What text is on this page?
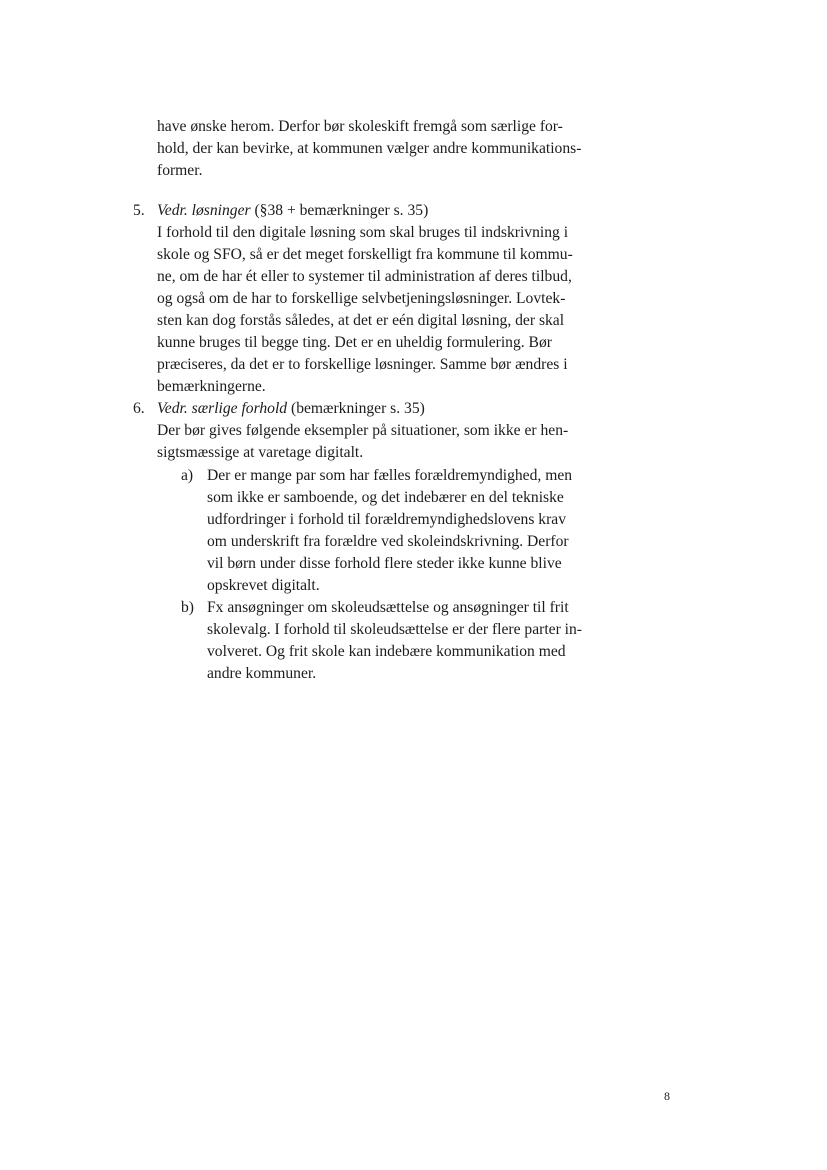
have ønske herom. Derfor bør skoleskift fremgå som særlige for-
hold, der kan bevirke, at kommunen vælger andre kommunikations-
former.
5. Vedr. løsninger (§38 + bemærkninger s. 35)
I forhold til den digitale løsning som skal bruges til indskrivning i
skole og SFO, så er det meget forskelligt fra kommune til kommu-
ne, om de har ét eller to systemer til administration af deres tilbud,
og også om de har to forskellige selvbetjeningsløsninger. Lovtek-
sten kan dog forstås således, at det er eén digital løsning, der skal
kunne bruges til begge ting. Det er en uheldig formulering. Bør
præciseres, da det er to forskellige løsninger. Samme bør ændres i
bemærkningerne.
6. Vedr. særlige forhold (bemærkninger s. 35)
Der bør gives følgende eksempler på situationer, som ikke er hen-
sigtsmæssige at varetage digitalt.
a) Der er mange par som har fælles forældremyndighed, men
som ikke er samboende, og det indebærer en del tekniske
udfordringer i forhold til forældremyndighedslovens krav
om underskrift fra forældre ved skoleindskrivning. Derfor
vil børn under disse forhold flere steder ikke kunne blive
opskrevet digitalt.
b) Fx ansøgninger om skoleudsættelse og ansøgninger til frit
skolevalg. I forhold til skoleudsættelse er der flere parter in-
volveret. Og frit skole kan indebære kommunikation med
andre kommuner.
8
